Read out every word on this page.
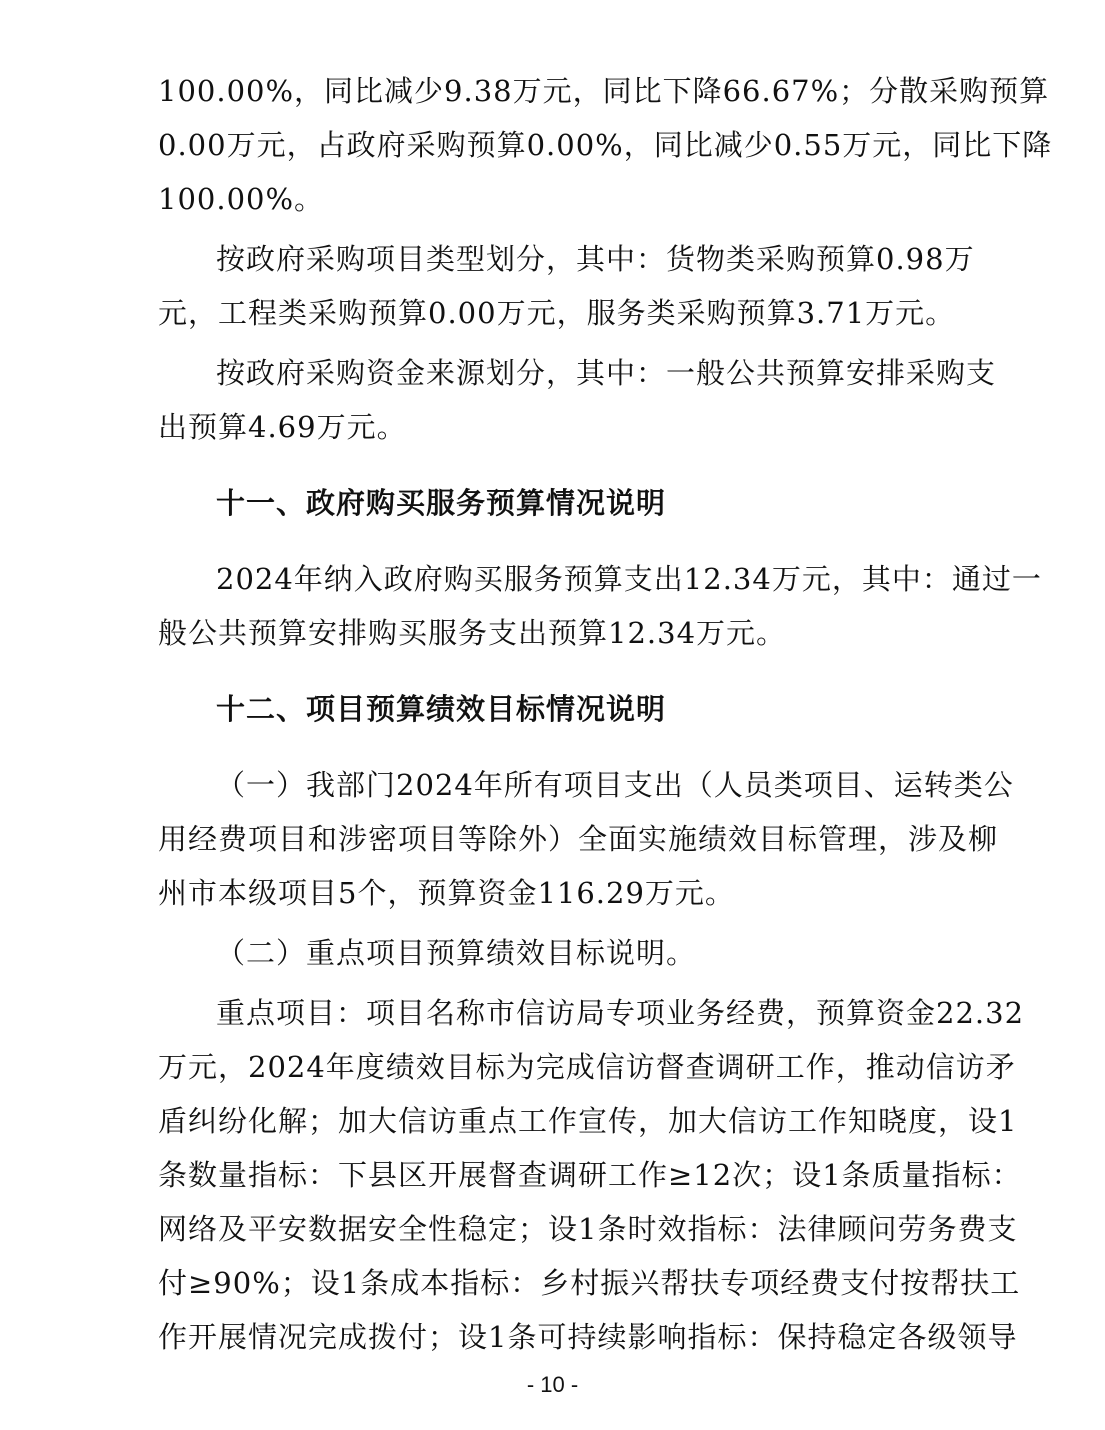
100.00%，同比减少9.38万元，同比下降66.67%；分散采购预算
0.00万元，占政府采购预算0.00%，同比减少0.55万元，同比下降
100.00%。
按政府采购项目类型划分，其中：货物类采购预算0.98万
元，工程类采购预算0.00万元，服务类采购预算3.71万元。
按政府采购资金来源划分，其中：一般公共预算安排采购支
出预算4.69万元。
十一、政府购买服务预算情况说明
2024年纳入政府购买服务预算支出12.34万元，其中：通过一
般公共预算安排购买服务支出预算12.34万元。
十二、项目预算绩效目标情况说明
（一）我部门2024年所有项目支出（人员类项目、运转类公
用经费项目和涉密项目等除外）全面实施绩效目标管理，涉及柳
州市本级项目5个，预算资金116.29万元。
（二）重点项目预算绩效目标说明。
重点项目：项目名称市信访局专项业务经费，预算资金22.32
万元，2024年度绩效目标为完成信访督查调研工作，推动信访矛
盾纠纷化解；加大信访重点工作宣传，加大信访工作知晓度，设1
条数量指标：下县区开展督查调研工作≥12次；设1条质量指标：
网络及平安数据安全性稳定；设1条时效指标：法律顾问劳务费支
付≥90%；设1条成本指标：乡村振兴帮扶专项经费支付按帮扶工
作开展情况完成拨付；设1条可持续影响指标：保持稳定各级领导
- 10 -
